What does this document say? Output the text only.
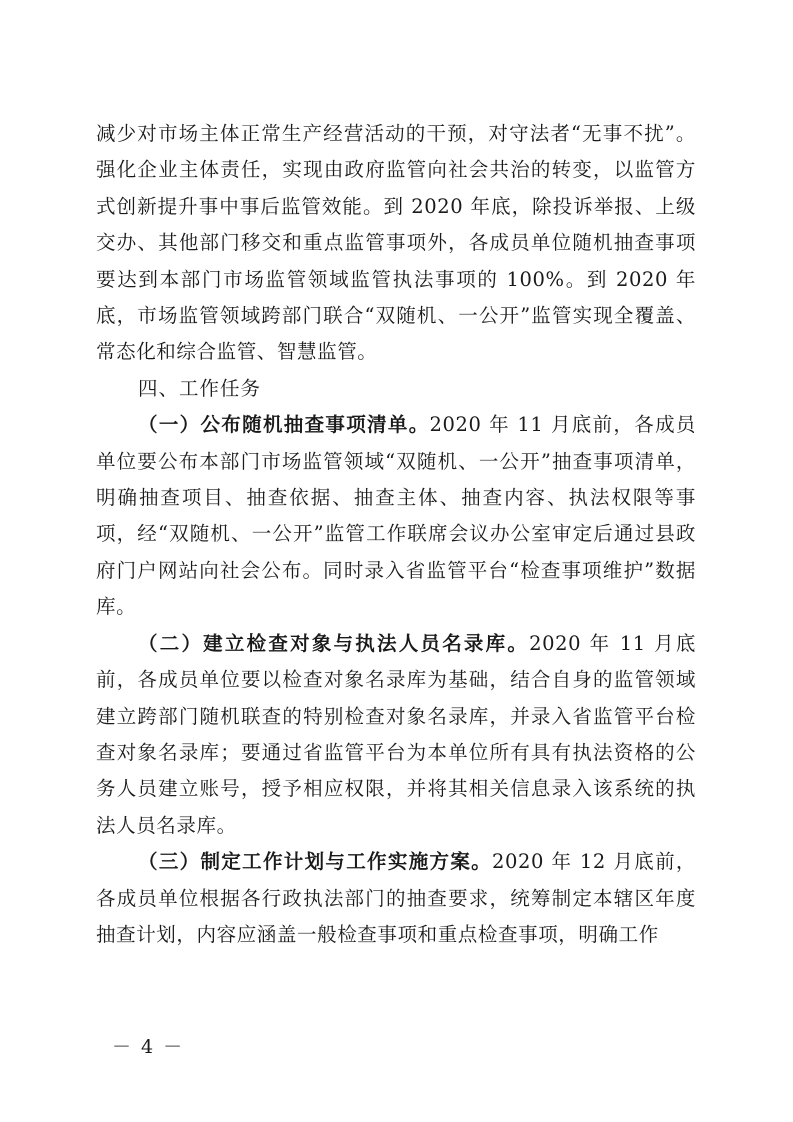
减少对市场主体正常生产经营活动的干预，对守法者“无事不扰”。强化企业主体责任，实现由政府监管向社会共治的转变，以监管方式创新提升事中事后监管效能。到 2020 年底，除投诉举报、上级交办、其他部门移交和重点监管事项外，各成员单位随机抽查事项要达到本部门市场监管领域监管执法事项的 100%。到 2020 年底，市场监管领域跨部门联合“双随机、一公开”监管实现全覆盖、常态化和综合监管、智慧监管。

四、工作任务

（一）公布随机抽查事项清单。2020 年 11 月底前，各成员单位要公布本部门市场监管领域“双随机、一公开”抽查事项清单，明确抽查项目、抽查依据、抽查主体、抽查内容、执法权限等事项，经“双随机、一公开”监管工作联席会议办公室审定后通过县政府门户网站向社会公布。同时录入省监管平台“检查事项维护”数据库。

（二）建立检查对象与执法人员名录库。2020 年 11 月底前，各成员单位要以检查对象名录库为基础，结合自身的监管领域建立跨部门随机联查的特别检查对象名录库，并录入省监管平台检查对象名录库；要通过省监管平台为本单位所有具有执法资格的公务人员建立账号，授予相应权限，并将其相关信息录入该系统的执法人员名录库。

（三）制定工作计划与工作实施方案。2020 年 12 月底前，各成员单位根据各行政执法部门的抽查要求，统筹制定本辖区年度抽查计划，内容应涵盖一般检查事项和重点检查事项，明确工作

－ 4 －
